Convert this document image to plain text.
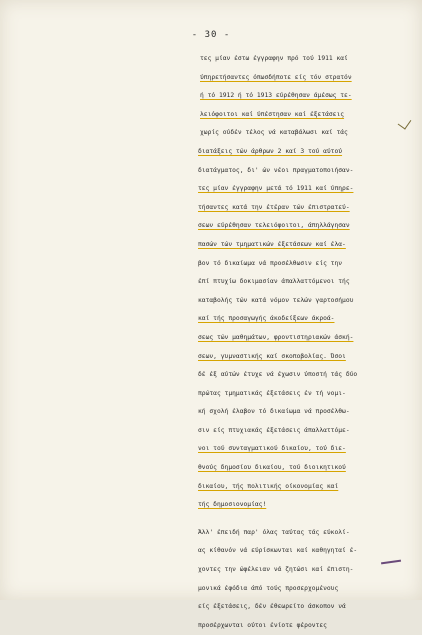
- 30 -
τες μίαν έστω έγγραφην πρό τού 1911 καί
ύπηρετήσαντες όπωσδήποτε είς τόν στρατόν
ή τό 1912 ή τό 1913 εύρέθησαν άμέσως τε-
λειόφοιτοι καί ύπέστησαν καί έξετάσεις
χωρίς ούδέν τέλος νά καταβάλωσι καί τάς
διατάξεις τών άρθρων 2 καί 3 τού αύτού
διατάγματος, δι' ών νέοι πραγματοποιήσαν-
τες μίαν έγγραφην μετά τό 1911 καί ύπηρε-
τήσαντες κατά την έτέραν τών έπιστρατεύ-
σεων εύρέθησαν τελειόφοιτοι, άπηλλάγησαν
πασών τών τμηματικών έξετάσεων καί έλα-
βον τό δικαίωμα νά προσέλθωσιν είς την
έπί πτυχίω δοκιμασίαν άπαλλαττόμενοι τής
καταβολής τών κατά νόμον τελών γαρτοσήμου
καί τής προσαγωγής άκοδείξεων άκροά-
σεως τών μαθημάτων, φροντιστηριακών άσκή-
σεων, γυμναστικής καί σκοποβολίας. Όσοι
δέ έξ αύτών έτυχε νά έχωσιν ύποστή τάς δύο
πρώτας τμηματικάς έξετάσεις έν τή νομι-
κή σχολή έλαβον τό δικαίωμα νά προσέλθω-
σιν είς πτυχιακάς έξετάσεις άπαλλαττόμε-
νοι τού συνταγματικού δικαίου, τού διε-
θνούς δημοσίου δικαίου, τού διοικητικού
δικαίου, τής πολιτικής οίκονομίας καί
τής δημοσιονομίας!
Άλλ' έπειδή παρ' όλας ταύτας τάς εύκολί-
ας κίθανόν νά εύρίσκωνται καί καθηγηταί έ-
χοντες την ώφέλειαν νά ζητώσι καί έπιστη-
μονικά έφόδια άπό τούς προσερχομένους
είς έξετάσεις, δέν έθεωρείτο άσκοπον νά
προσέρχωνται ούτοι ένίοτε φέροντες
